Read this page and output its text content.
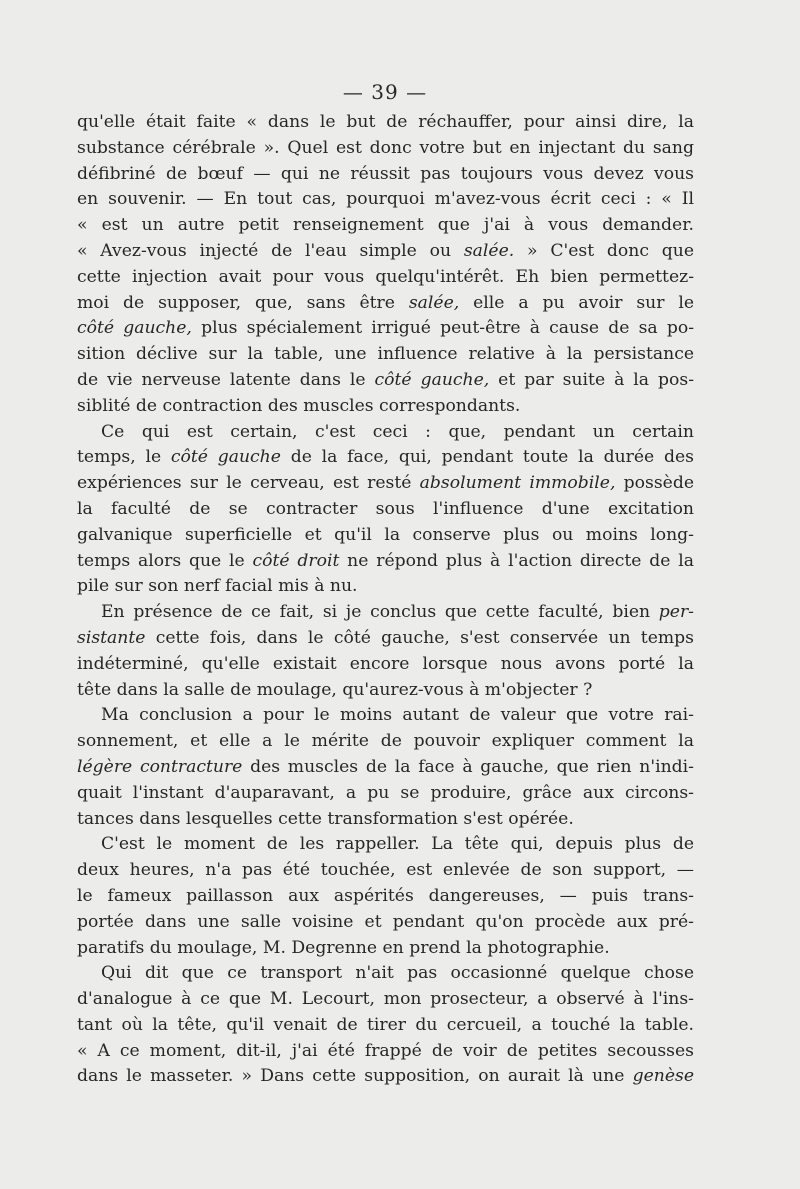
— 39 —
qu'elle était faite « dans le but de réchauffer, pour ainsi dire, la
substance cérébrale ». Quel est donc votre but en injectant du sang
défibriné de bœuf — qui ne réussit pas toujours vous devez vous
en souvenir. — En tout cas, pourquoi m'avez-vous écrit ceci : « Il
« est un autre petit renseignement que j'ai à vous demander.
« Avez-vous injecté de l'eau simple ou salée. » C'est donc que
cette injection avait pour vous quelqu'intérêt. Eh bien permettez-
moi de supposer, que, sans être salée, elle a pu avoir sur le
côté gauche, plus spécialement irrigué peut-être à cause de sa po-
sition déclive sur la table, une influence relative à la persistance
de vie nerveuse latente dans le côté gauche, et par suite à la pos-
siblité de contraction des muscles correspondants.
Ce qui est certain, c'est ceci : que, pendant un certain
temps, le côté gauche de la face, qui, pendant toute la durée des
expériences sur le cerveau, est resté absolument immobile, possède
la faculté de se contracter sous l'influence d'une excitation
galvanique superficielle et qu'il la conserve plus ou moins long-
temps alors que le côté droit ne répond plus à l'action directe de la
pile sur son nerf facial mis à nu.
En présence de ce fait, si je conclus que cette faculté, bien per-
sistante cette fois, dans le côté gauche, s'est conservée un temps
indéterminé, qu'elle existait encore lorsque nous avons porté la
tête dans la salle de moulage, qu'aurez-vous à m'objecter ?
Ma conclusion a pour le moins autant de valeur que votre rai-
sonnement, et elle a le mérite de pouvoir expliquer comment la
légère contracture des muscles de la face à gauche, que rien n'indi-
quait l'instant d'auparavant, a pu se produire, grâce aux circons-
tances dans lesquelles cette transformation s'est opérée.
C'est le moment de les rappeller. La tête qui, depuis plus de
deux heures, n'a pas été touchée, est enlevée de son support, —
le fameux paillasson aux aspérités dangereuses, — puis trans-
portée dans une salle voisine et pendant qu'on procède aux pré-
paratifs du moulage, M. Degrenne en prend la photographie.
Qui dit que ce transport n'ait pas occasionné quelque chose
d'analogue à ce que M. Lecourt, mon prosecteur, a observé à l'ins-
tant où la tête, qu'il venait de tirer du cercueil, a touché la table.
« A ce moment, dit-il, j'ai été frappé de voir de petites secousses
dans le masseter. » Dans cette supposition, on aurait là une genèse
